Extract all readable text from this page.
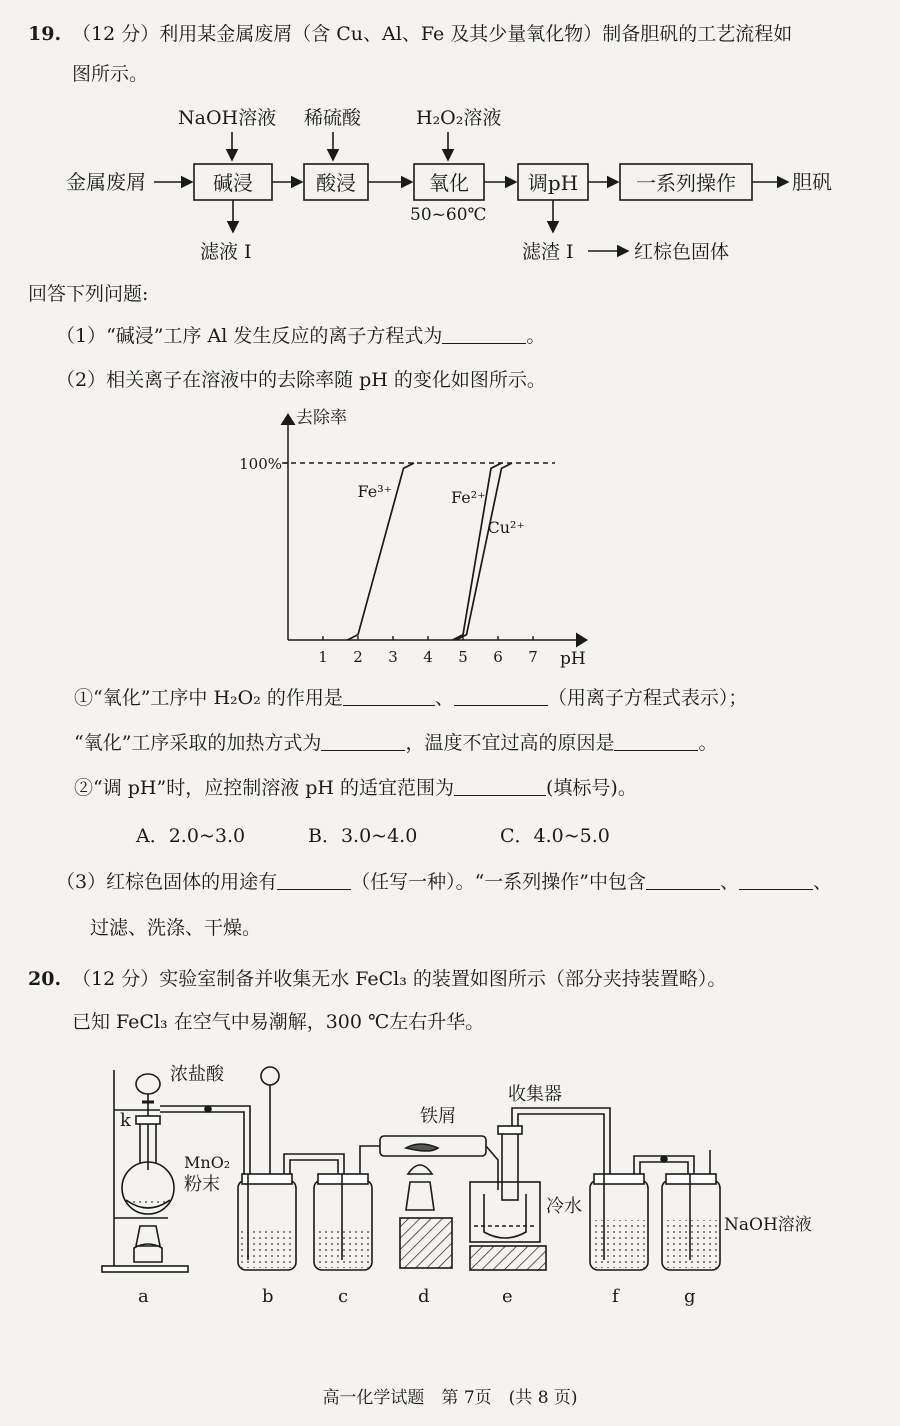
19. （12 分）利用某金属废屑（含 Cu、Al、Fe 及其少量氧化物）制备胆矾的工艺流程如
图所示。
NaOH溶液 稀硫酸	H₂O₂溶液
金属废屑	碱浸	酸浸	氧化	调pH	一系列操作	胆矾
滤液 I
50~60℃
滤渣 I	红棕色固体
回答下列问题:
（1）“碱浸”工序 Al 发生反应的离子方程式为	。
（2）相关离子在溶液中的去除率随 pH 的变化如图所示。
去除率
pH
100%
1 2 3 4 5 6 7
Fe³⁺	Fe²⁺
Cu²⁺
①“氧化”工序中 H₂O₂ 的作用是	、	（用离子方程式表示）；
“氧化”工序采取的加热方式为	，温度不宜过高的原因是	。
②“调 pH”时，应控制溶液 pH 的适宜范围为	(填标号)。
A．2.0~3.0	B．3.0~4.0	C．4.0~5.0
（3）红棕色固体的用途有	（任写一种）。“一系列操作”中包含	、	、
过滤、洗涤、干燥。
20. （12 分）实验室制备并收集无水 FeCl₃ 的装置如图所示（部分夹持装置略）。
已知 FeCl₃ 在空气中易潮解，300 ℃左右升华。
浓盐酸
k
MnO₂
粉末
铁屑
收集器
冷水
NaOH溶液
a	b	c	d	e	f	g
高一化学试题　第 7页　(共 8 页)
